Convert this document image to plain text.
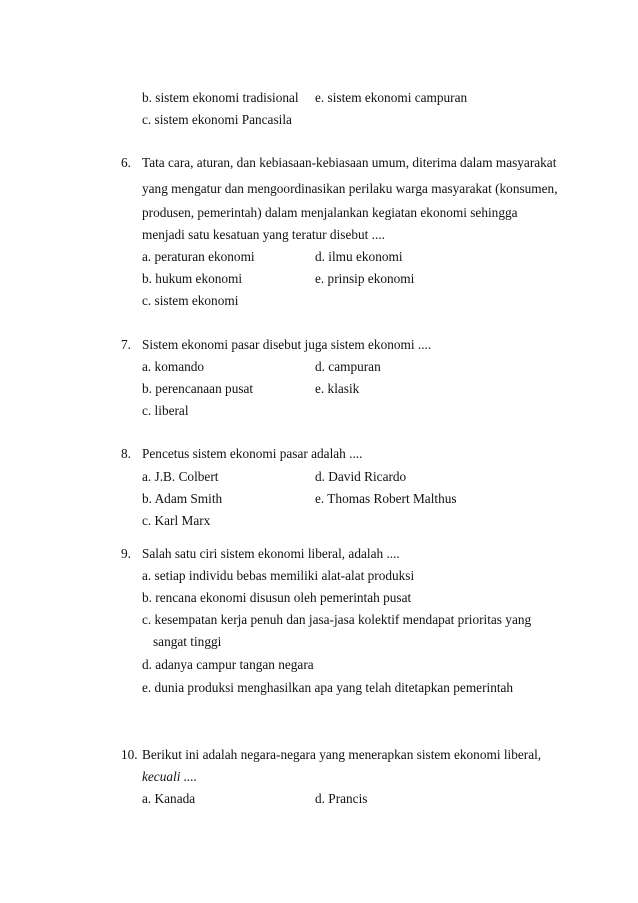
b. sistem ekonomi tradisional e. sistem ekonomi campuran
c. sistem ekonomi Pancasila
6. Tata cara, aturan, dan kebiasaan-kebiasaan umum, diterima dalam masyarakat
yang mengatur dan mengoordinasikan perilaku warga masyarakat (konsumen,
produsen, pemerintah) dalam menjalankan kegiatan ekonomi sehingga
menjadi satu kesatuan yang teratur disebut ....
a. peraturan ekonomi	d. ilmu ekonomi
b. hukum ekonomi	e. prinsip ekonomi
c. sistem ekonomi
7. Sistem ekonomi pasar disebut juga sistem ekonomi ....
a. komando	d. campuran
b. perencanaan pusat	e. klasik
c. liberal
8. Pencetus sistem ekonomi pasar adalah ....
a. J.B. Colbert	d. David Ricardo
b. Adam Smith	e. Thomas Robert Malthus
c. Karl Marx
9. Salah satu ciri sistem ekonomi liberal, adalah ....
a. setiap individu bebas memiliki alat-alat produksi
b. rencana ekonomi disusun oleh pemerintah pusat
c. kesempatan kerja penuh dan jasa-jasa kolektif mendapat prioritas yang
sangat tinggi
d. adanya campur tangan negara
e. dunia produksi menghasilkan apa yang telah ditetapkan pemerintah
10. Berikut ini adalah negara-negara yang menerapkan sistem ekonomi liberal,
kecuali ....
a. Kanada	d. Prancis
